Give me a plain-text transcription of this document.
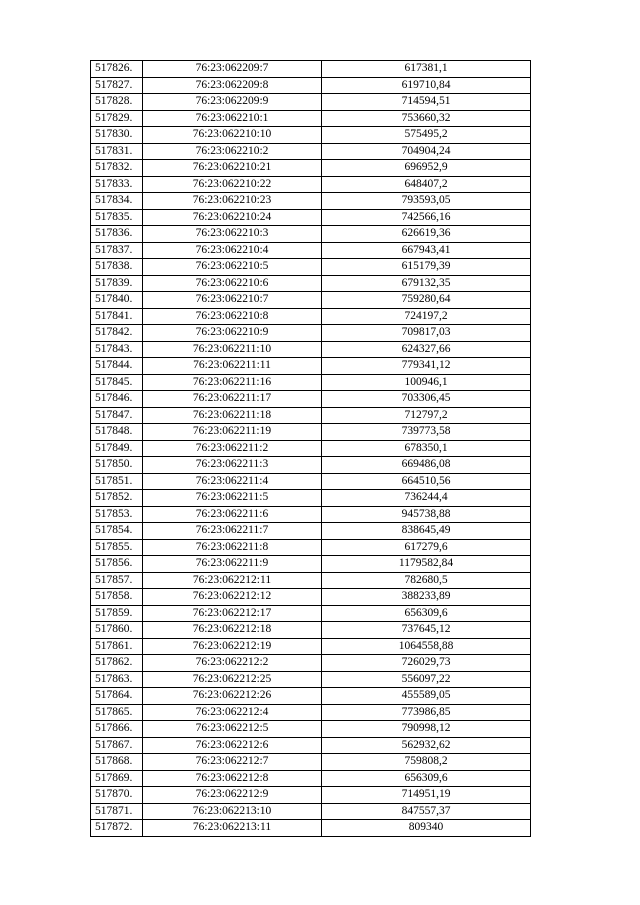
517826.	76:23:062209:7	617381,1
517827.	76:23:062209:8	619710,84
517828.	76:23:062209:9	714594,51
517829.	76:23:062210:1	753660,32
517830.	76:23:062210:10	575495,2
517831.	76:23:062210:2	704904,24
517832.	76:23:062210:21	696952,9
517833.	76:23:062210:22	648407,2
517834.	76:23:062210:23	793593,05
517835.	76:23:062210:24	742566,16
517836.	76:23:062210:3	626619,36
517837.	76:23:062210:4	667943,41
517838.	76:23:062210:5	615179,39
517839.	76:23:062210:6	679132,35
517840.	76:23:062210:7	759280,64
517841.	76:23:062210:8	724197,2
517842.	76:23:062210:9	709817,03
517843.	76:23:062211:10	624327,66
517844.	76:23:062211:11	779341,12
517845.	76:23:062211:16	100946,1
517846.	76:23:062211:17	703306,45
517847.	76:23:062211:18	712797,2
517848.	76:23:062211:19	739773,58
517849.	76:23:062211:2	678350,1
517850.	76:23:062211:3	669486,08
517851.	76:23:062211:4	664510,56
517852.	76:23:062211:5	736244,4
517853.	76:23:062211:6	945738,88
517854.	76:23:062211:7	838645,49
517855.	76:23:062211:8	617279,6
517856.	76:23:062211:9	1179582,84
517857.	76:23:062212:11	782680,5
517858.	76:23:062212:12	388233,89
517859.	76:23:062212:17	656309,6
517860.	76:23:062212:18	737645,12
517861.	76:23:062212:19	1064558,88
517862.	76:23:062212:2	726029,73
517863.	76:23:062212:25	556097,22
517864.	76:23:062212:26	455589,05
517865.	76:23:062212:4	773986,85
517866.	76:23:062212:5	790998,12
517867.	76:23:062212:6	562932,62
517868.	76:23:062212:7	759808,2
517869.	76:23:062212:8	656309,6
517870.	76:23:062212:9	714951,19
517871.	76:23:062213:10	847557,37
517872.	76:23:062213:11	809340
